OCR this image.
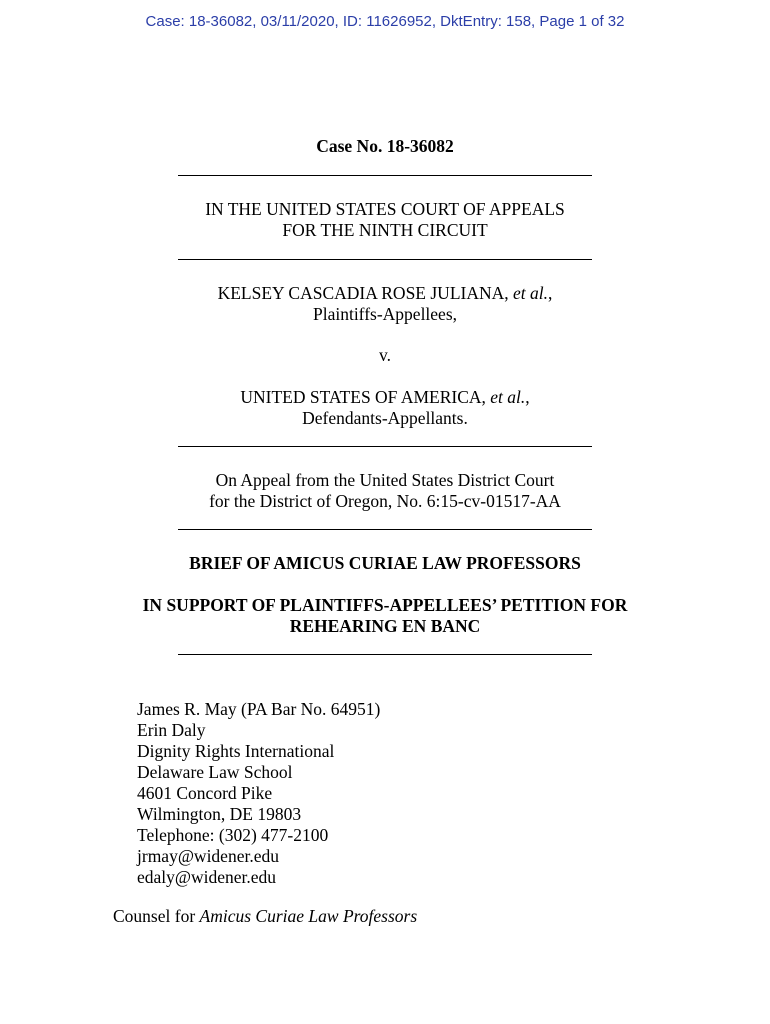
Case: 18-36082, 03/11/2020, ID: 11626952, DktEntry: 158, Page 1 of 32
Case No. 18-36082
IN THE UNITED STATES COURT OF APPEALS
FOR THE NINTH CIRCUIT
KELSEY CASCADIA ROSE JULIANA, et al.,
Plaintiffs-Appellees,
v.
UNITED STATES OF AMERICA, et al.,
Defendants-Appellants.
On Appeal from the United States District Court
for the District of Oregon, No. 6:15-cv-01517-AA
BRIEF OF AMICUS CURIAE LAW PROFESSORS
IN SUPPORT OF PLAINTIFFS-APPELLEES’ PETITION FOR
REHEARING EN BANC
James R. May (PA Bar No. 64951)
Erin Daly
Dignity Rights International
Delaware Law School
4601 Concord Pike
Wilmington, DE 19803
Telephone: (302) 477-2100
jrmay@widener.edu
edaly@widener.edu
Counsel for Amicus Curiae Law Professors
